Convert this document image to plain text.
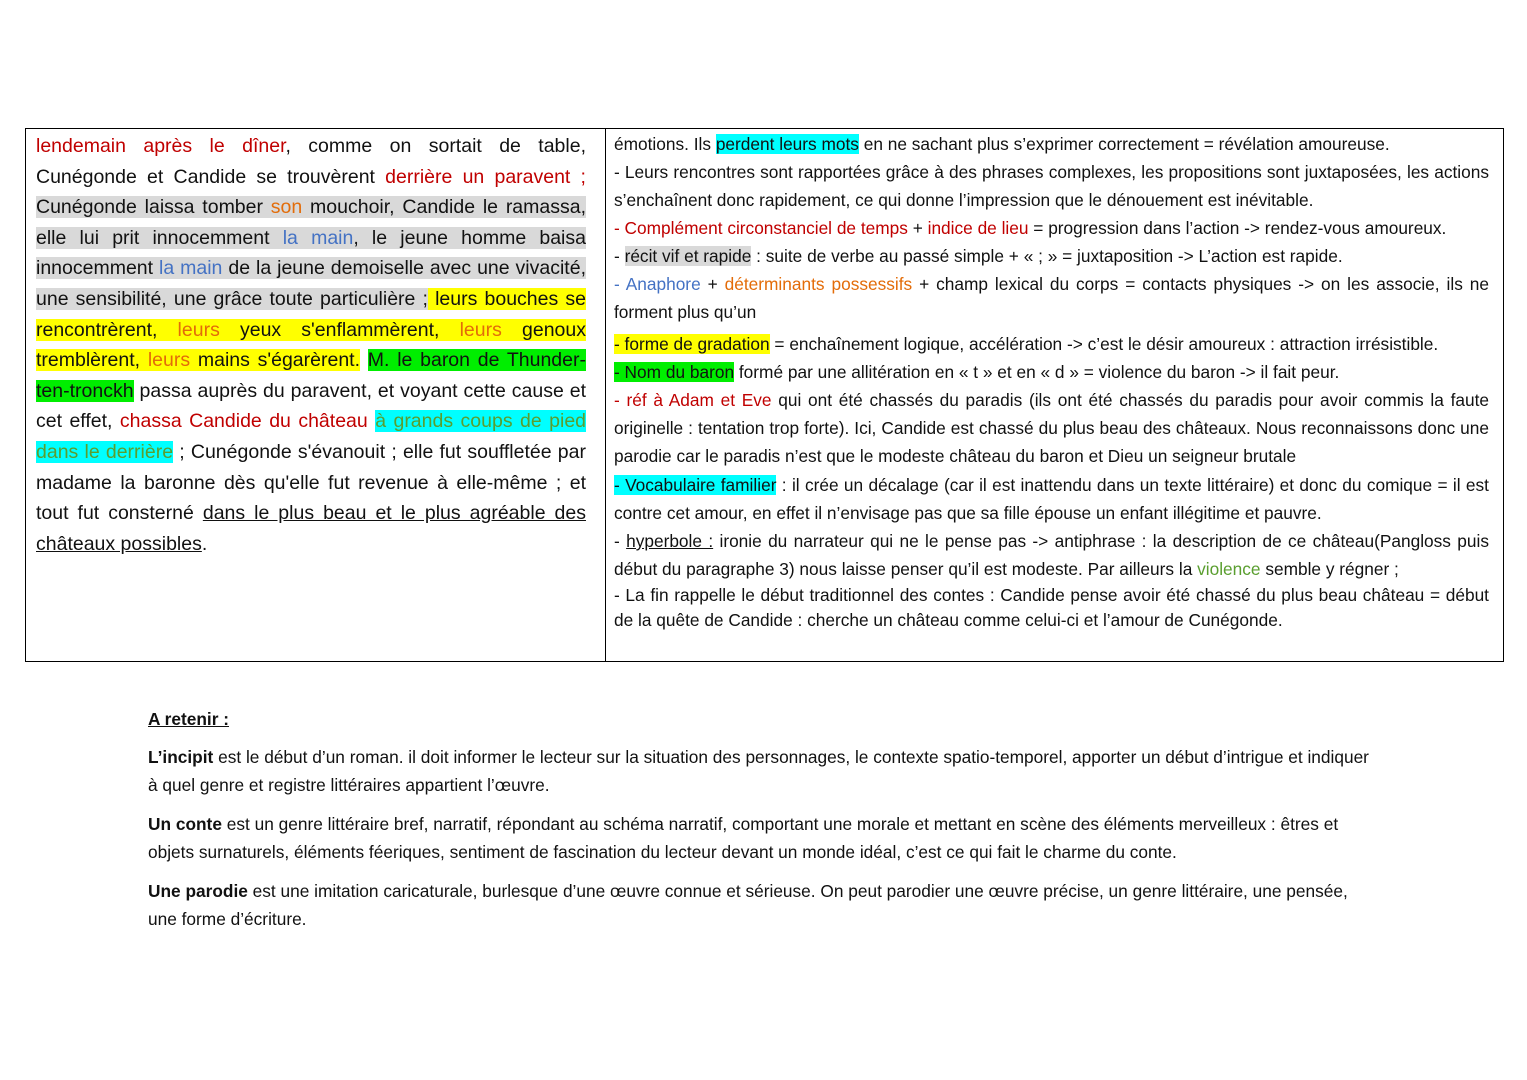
lendemain après le dîner, comme on sortait de table, Cunégonde et Candide se trouvèrent derrière un paravent ; Cunégonde laissa tomber son mouchoir, Candide le ramassa, elle lui prit innocemment la main, le jeune homme baisa innocemment la main de la jeune demoiselle avec une vivacité, une sensibilité, une grâce toute particulière ; leurs bouches se rencontrèrent, leurs yeux s'enflammèrent, leurs genoux tremblèrent, leurs mains s'égarèrent. M. le baron de Thunder-ten-tronckh passa auprès du paravent, et voyant cette cause et cet effet, chassa Candide du château à grands coups de pied dans le derrière ; Cunégonde s'évanouit ; elle fut souffletée par madame la baronne dès qu'elle fut revenue à elle-même ; et tout fut consterné dans le plus beau et le plus agréable des châteaux possibles.

émotions. Ils perdent leurs mots en ne sachant plus s’exprimer correctement = révélation amoureuse.

- Leurs rencontres sont rapportées grâce à des phrases complexes, les propositions sont juxtaposées, les actions s’enchaînent donc rapidement, ce qui donne l’impression que le dénouement est inévitable.

- Complément circonstanciel de temps + indice de lieu = progression dans l’action -> rendez-vous amoureux.

- récit vif et rapide : suite de verbe au passé simple + « ; » = juxtaposition -> L’action est rapide.

- Anaphore + déterminants possessifs + champ lexical du corps = contacts physiques -> on les associe, ils ne forment plus qu’un

- forme de gradation = enchaînement logique, accélération -> c’est le désir amoureux : attraction irrésistible.

- Nom du baron formé par une allitération en « t » et en « d » = violence du baron -> il fait peur.

- réf à Adam et Eve qui ont été chassés du paradis (ils ont été chassés du paradis pour avoir commis la faute originelle : tentation trop forte). Ici, Candide est chassé du plus beau des châteaux. Nous reconnaissons donc une parodie car le paradis n’est que le modeste château du baron et Dieu un seigneur brutale

- Vocabulaire familier : il crée un décalage (car il est inattendu dans un texte littéraire) et donc du comique = il est contre cet amour, en effet il n’envisage pas que sa fille épouse un enfant illégitime et pauvre.

- hyperbole : ironie du narrateur qui ne le pense pas -> antiphrase : la description de ce château(Pangloss puis début du paragraphe 3) nous laisse penser qu’il est modeste. Par ailleurs la violence semble y régner ;

- La fin rappelle le début traditionnel des contes : Candide pense avoir été chassé du plus beau château = début de la quête de Candide : cherche un château comme celui-ci et l’amour de Cunégonde.

A retenir :

L’incipit est le début d’un roman. il doit informer le lecteur sur la situation des personnages, le contexte spatio-temporel, apporter un début d’intrigue et indiquer à quel genre et registre littéraires appartient l’œuvre.

Un conte est un genre littéraire bref, narratif, répondant au schéma narratif, comportant une morale et mettant en scène des éléments merveilleux : êtres et objets surnaturels, éléments féeriques, sentiment de fascination du lecteur devant un monde idéal, c’est ce qui fait le charme du conte.

Une parodie est une imitation caricaturale, burlesque d’une œuvre connue et sérieuse. On peut parodier une œuvre précise, un genre littéraire, une pensée, une forme d’écriture.
